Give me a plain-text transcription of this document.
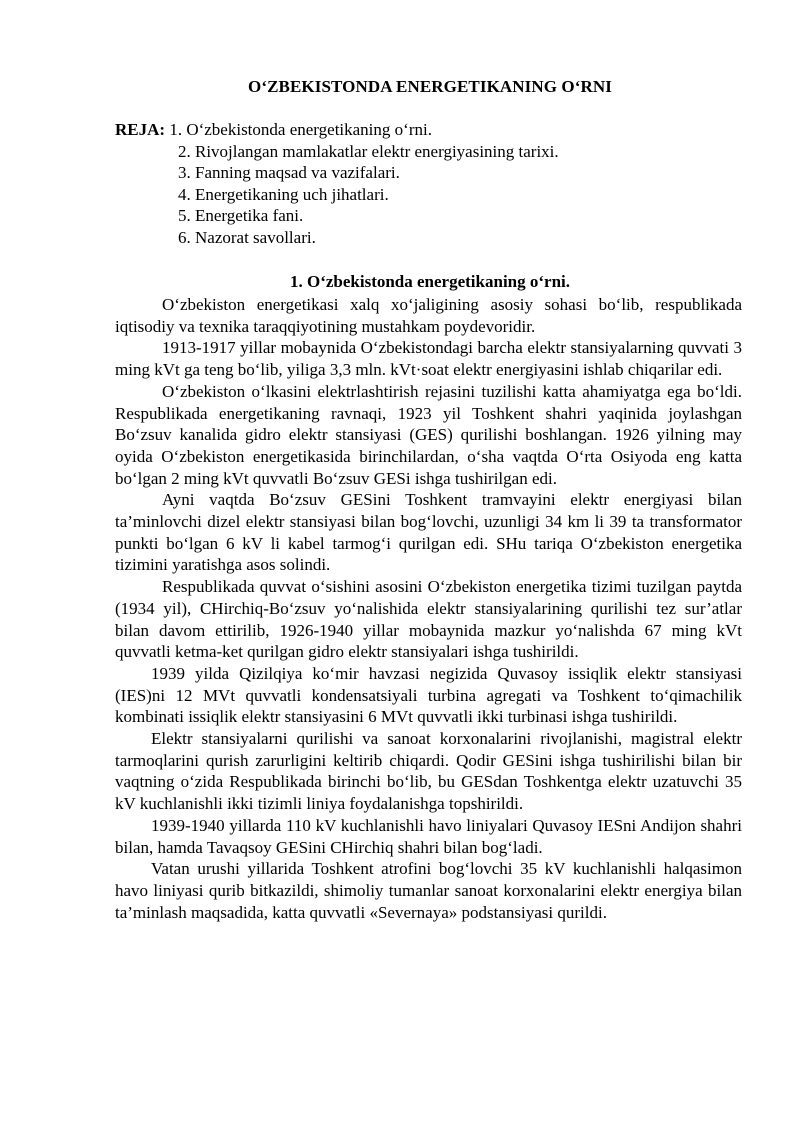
O‘ZBEKISTONDA ENERGETIKANING O‘RNI
REJA: 1. O‘zbekistonda energetikaning o‘rni.
2. Rivojlangan mamlakatlar elektr energiyasining tarixi.
3. Fanning maqsad va vazifalari.
4. Energetikaning uch jihatlari.
5. Energetika fani.
6. Nazorat savollari.
1. O‘zbekistonda energetikaning o‘rni.

O‘zbekiston energetikasi xalq xo‘jaligining asosiy sohasi bo‘lib, respublikada iqtisodiy va texnika taraqqiyotining mustahkam poydevoridir.

1913-1917 yillar mobaynida O‘zbekistondagi barcha elektr stansiyalarning quvvati 3 ming kVt ga teng bo‘lib, yiliga 3,3 mln. kVt·soat elektr energiyasini ishlab chiqarilar edi.

O‘zbekiston o‘lkasini elektrlashtirish rejasini tuzilishi katta ahamiyatga ega bo‘ldi. Respublikada energetikaning ravnaqi, 1923 yil Toshkent shahri yaqinida joylashgan Bo‘zsuv kanalida gidro elektr stansiyasi (GES) qurilishi boshlangan. 1926 yilning may oyida O‘zbekiston energetikasida birinchilardan, o‘sha vaqtda O‘rta Osiyoda eng katta bo‘lgan 2 ming kVt quvvatli Bo‘zsuv GESi ishga tushirilgan edi.

Ayni vaqtda Bo‘zsuv GESini Toshkent tramvayini elektr energiyasi bilan ta’minlovchi dizel elektr stansiyasi bilan bog‘lovchi, uzunligi 34 km li 39 ta transformator punkti bo‘lgan 6 kV li kabel tarmog‘i qurilgan edi. SHu tariqa O‘zbekiston energetika tizimini yaratishga asos solindi.

Respublikada quvvat o‘sishini asosini O‘zbekiston energetika tizimi tuzilgan paytda (1934 yil), CHirchiq-Bo‘zsuv yo‘nalishida elektr stansiyalarining qurilishi tez sur’atlar bilan davom ettirilib, 1926-1940 yillar mobaynida mazkur yo‘nalishda 67 ming kVt quvvatli ketma-ket qurilgan gidro elektr stansiyalari ishga tushirildi.

1939 yilda Qizilqiya ko‘mir havzasi negizida Quvasoy issiqlik elektr stansiyasi (IES)ni 12 MVt quvvatli kondensatsiyali turbina agregati va Toshkent to‘qimachilik kombinati issiqlik elektr stansiyasini 6 MVt quvvatli ikki turbinasi ishga tushirildi.

Elektr stansiyalarni qurilishi va sanoat korxonalarini rivojlanishi, magistral elektr tarmoqlarini qurish zarurligini keltirib chiqardi. Qodir GESini ishga tushirilishi bilan bir vaqtning o‘zida Respublikada birinchi bo‘lib, bu GESdan Toshkentga elektr uzatuvchi 35 kV kuchlanishli ikki tizimli liniya foydalanishga topshirildi.

1939-1940 yillarda 110 kV kuchlanishli havo liniyalari Quvasoy IESni Andijon shahri bilan, hamda Tavaqsoy GESini CHirchiq shahri bilan bog‘ladi.

Vatan urushi yillarida Toshkent atrofini bog‘lovchi 35 kV kuchlanishli halqasimon havo liniyasi qurib bitkazildi, shimoliy tumanlar sanoat korxonalarini elektr energiya bilan ta’minlash maqsadida, katta quvvatli «Severnaya» podstansiyasi qurildi.
